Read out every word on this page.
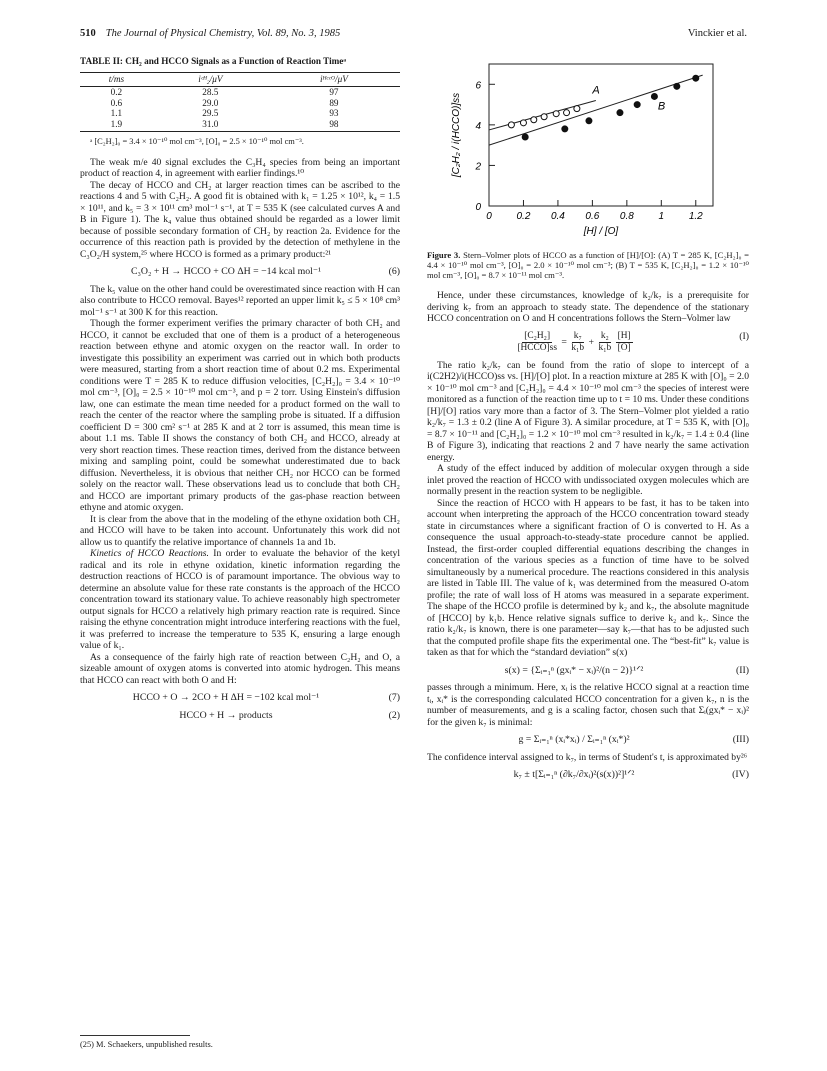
510 The Journal of Physical Chemistry, Vol. 89, No. 3, 1985	Vinckier et al.
TABLE II: CH₂ and HCCO Signals as a Function of Reaction Timeᵃ
t/ms	iᶜᴴ₂/μV	iᴴᶜᶜᴼ/μV
0.2	28.5	97
0.6	29.0	89
1.1	29.5	93
1.9	31.0	98
ᵃ [C₂H₂]₀ = 3.4 × 10⁻¹⁰ mol cm⁻³, [O]₀ = 2.5 × 10⁻¹⁰ mol cm⁻³.

The weak m/e 40 signal excludes the C₃H₄ species from being an important product of reaction 4, in agreement with earlier findings.¹⁰

The decay of HCCO and CH₂ at larger reaction times can be ascribed to the reactions 4 and 5 with C₂H₂. A good fit is obtained with k₁ = 1.25 × 10¹², k₄ = 1.5 × 10¹¹, and k₅ = 3 × 10¹¹ cm³ mol⁻¹ s⁻¹, at T = 535 K (see calculated curves A and B in Figure 1). The k₄ value thus obtained should be regarded as a lower limit because of possible secondary formation of CH₂ by reaction 2a. Evidence for the occurrence of this reaction path is provided by the detection of methylene in the C₃O₂/H system,²⁵ where HCCO is formed as a primary product:²¹

C₃O₂ + H → HCCO + CO ΔH = −14 kcal mol⁻¹	(6)

The k₅ value on the other hand could be overestimated since reaction with H can also contribute to HCCO removal. Bayes¹² reported an upper limit k₅ ≤ 5 × 10⁸ cm³ mol⁻¹ s⁻¹ at 300 K for this reaction.

Though the former experiment verifies the primary character of both CH₂ and HCCO, it cannot be excluded that one of them is a product of a heterogeneous reaction between ethyne and atomic oxygen on the reactor wall. In order to investigate this possibility an experiment was carried out in which both products were measured, starting from a short reaction time of about 0.2 ms. Experimental conditions were T = 285 K to reduce diffusion velocities, [C₂H₂]₀ = 3.4 × 10⁻¹⁰ mol cm⁻³, [O]₀ = 2.5 × 10⁻¹⁰ mol cm⁻³, and p = 2 torr. Using Einstein's diffusion law, one can estimate the mean time needed for a product formed on the wall to reach the center of the reactor where the sampling probe is situated. If a diffusion coefficient D = 300 cm² s⁻¹ at 285 K and at 2 torr is assumed, this mean time is about 1.1 ms. Table II shows the constancy of both CH₂ and HCCO, already at very short reaction times. These reaction times, derived from the distance between mixing and sampling point, could be somewhat underestimated due to back diffusion. Nevertheless, it is obvious that neither CH₂ nor HCCO can be formed solely on the reactor wall. These observations lead us to conclude that both CH₂ and HCCO are important primary products of the gas-phase reaction between ethyne and atomic oxygen.

It is clear from the above that in the modeling of the ethyne oxidation both CH₂ and HCCO will have to be taken into account. Unfortunately this work did not allow us to quantify the relative importance of channels 1a and 1b.

Kinetics of HCCO Reactions. In order to evaluate the behavior of the ketyl radical and its role in ethyne oxidation, kinetic information regarding the destruction reactions of HCCO is of paramount importance. The obvious way to determine an absolute value for these rate constants is the approach of the HCCO concentration toward its stationary value. To achieve reasonably high spectrometer output signals for HCCO a relatively high primary reaction rate is required. Since raising the ethyne concentration might introduce interfering reactions with the fuel, it was preferred to increase the temperature to 535 K, ensuring a large enough value of k₁.

As a consequence of the fairly high rate of reaction between C₂H₂ and O, a sizeable amount of oxygen atoms is converted into atomic hydrogen. This means that HCCO can react with both O and H:

HCCO + O → 2CO + H ΔH = −102 kcal mol⁻¹	(7)
HCCO + H → products	(2)
(25) M. Schaekers, unpublished results.
0 0.2 0.4 0.6 0.8 1 1.2
0
2
4
6
[H] / [O]
[C₂H₂ / i(HCCO)]ss
A
B
Figure 3. Stern–Volmer plots of HCCO as a function of [H]/[O]: (A) T = 285 K, [C₂H₂]₀ = 4.4 × 10⁻¹⁰ mol cm⁻³, [O]₀ = 2.0 × 10⁻¹⁰ mol cm⁻³; (B) T = 535 K, [C₂H₂]₀ = 1.2 × 10⁻¹⁰ mol cm⁻³, [O]₀ = 8.7 × 10⁻¹¹ mol cm⁻³.

Hence, under these circumstances, knowledge of k₂/k₇ is a prerequisite for deriving k₇ from an approach to steady state. The dependence of the stationary HCCO concentration on O and H concentrations follows the Stern–Volmer law

$\frac{\text{[C₂H₂]}}{\text{[HCCO]ss}} = \frac{\text{k₇}}{\text{k₁b}} + \frac{\text{k₂}}{\text{k₁b}}$
$\frac{[H]}{[O]}$	(I)

The ratio k₂/k₇ can be found from the ratio of slope to intercept of a i(C2H2)/i(HCCO)ss vs. [H]/[O] plot. In a reaction mixture at 285 K with [O]₀ = 2.0 × 10⁻¹⁰ mol cm⁻³ and [C₂H₂]₀ = 4.4 × 10⁻¹⁰ mol cm⁻³ the species of interest were monitored as a function of the reaction time up to t = 10 ms. Under these conditions [H]/[O] ratios vary more than a factor of 3. The Stern–Volmer plot yielded a ratio k₂/k₇ = 1.3 ± 0.2 (line A of Figure 3). A similar procedure, at T = 535 K, with [O]₀ = 8.7 × 10⁻¹¹ and [C₂H₂]₀ = 1.2 × 10⁻¹⁰ mol cm⁻³ resulted in k₂/k₇ = 1.4 ± 0.4 (line B of Figure 3), indicating that reactions 2 and 7 have nearly the same activation energy.

A study of the effect induced by addition of molecular oxygen through a side inlet proved the reaction of HCCO with undissociated oxygen molecules which are normally present in the reaction system to be negligible.

Since the reaction of HCCO with H appears to be fast, it has to be taken into account when interpreting the approach of the HCCO concentration toward steady state in circumstances where a significant fraction of O is converted to H. As a consequence the usual approach-to-steady-state procedure cannot be applied. Instead, the first-order coupled differential equations describing the changes in concentration of the various species as a function of time have to be solved simultaneously by a numerical procedure. The reactions considered in this analysis are listed in Table III. The value of k₁ was determined from the measured O-atom profile; the rate of wall loss of H atoms was measured in a separate experiment. The shape of the HCCO profile is determined by k₂ and k₇, the absolute magnitude of [HCCO] by k₁b. Hence relative signals suffice to derive k₂ and k₇. Since the ratio k₂/k₇ is known, there is one parameter—say k₇—that has to be adjusted such that the computed profile shape fits the experimental one. The “best-fit” k₇ value is taken as that for which the “standard deviation” s(x)

s(x) = {Σᵢ₌₁ⁿ (gxᵢ* − xᵢ)²/(n − 2)}¹ᐟ²	(II)

passes through a minimum. Here, xᵢ is the relative HCCO signal at a reaction time tᵢ, xᵢ* is the corresponding calculated HCCO concentration for a given k₇, n is the number of measurements, and g is a scaling factor, chosen such that Σᵢ(gxᵢ* − xᵢ)² for the given k₇ is minimal:

g = Σᵢ₌₁ⁿ (xᵢ*xᵢ) / Σᵢ₌₁ⁿ (xᵢ*)²	(III)

The confidence interval assigned to k₇, in terms of Student's t, is approximated by²⁶

k₇ ± t[Σᵢ₌₁ⁿ (∂k₇/∂xᵢ)²(s(x))²]¹ᐟ²	(IV)
